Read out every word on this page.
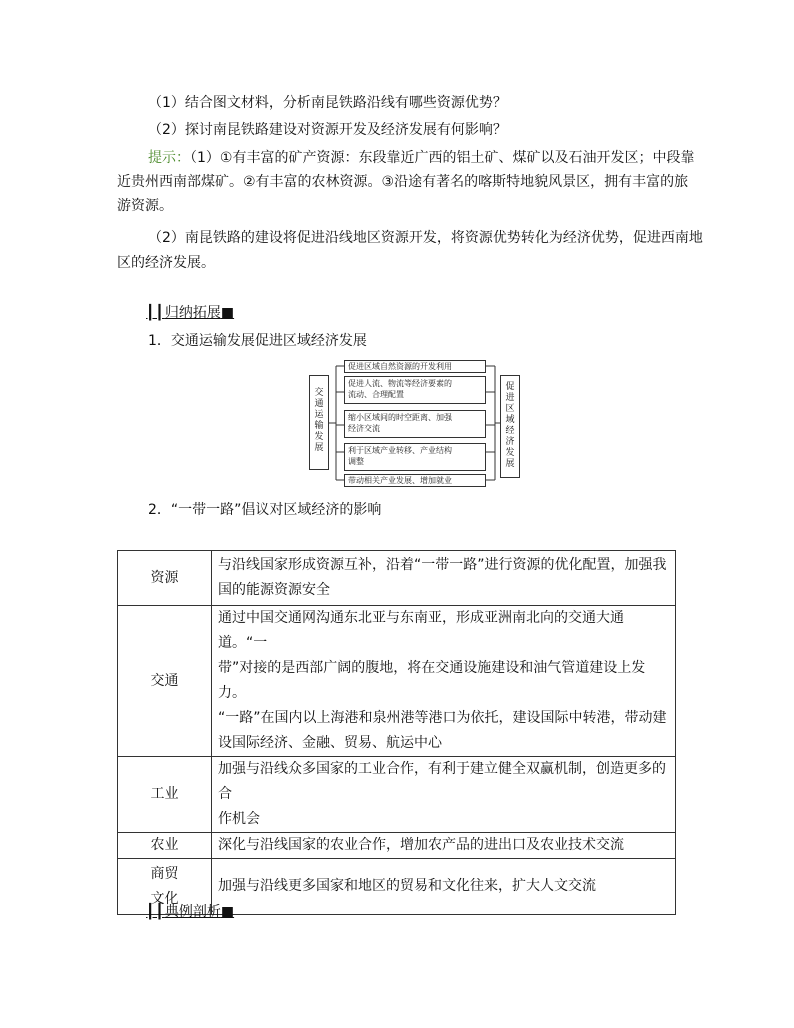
（1）结合图文材料，分析南昆铁路沿线有哪些资源优势？
（2）探讨南昆铁路建设对资源开发及经济发展有何影响？
提示：（1）①有丰富的矿产资源：东段靠近广西的铝土矿、煤矿以及石油开发区；中段靠
近贵州西南部煤矿。②有丰富的农林资源。③沿途有著名的喀斯特地貌风景区，拥有丰富的旅
游资源。
（2）南昆铁路的建设将促进沿线地区资源开发，将资源优势转化为经济优势，促进西南地
区的经济发展。
┃┃归纳拓展■
1．交通运输发展促进区域经济发展
交
通
运
输
发
展
促
进
区
域
经
济
发
展
促进区域自然资源的开发利用
促进人流、物流等经济要素的
流动、合理配置
缩小区域间的时空距离、加强
经济交流
利于区域产业转移、产业结构
调整
带动相关产业发展、增加就业
2．“一带一路”倡议对区域经济的影响
资源	与沿线国家形成资源互补，沿着“一带一路”进行资源的优化配置，加强我
国的能源资源安全

交通	通过中国交通网沟通东北亚与东南亚，形成亚洲南北向的交通大通道。“一
带”对接的是西部广阔的腹地，将在交通设施建设和油气管道建设上发力。
“一路”在国内以上海港和泉州港等港口为依托，建设国际中转港，带动建
设国际经济、金融、贸易、航运中心

工业	加强与沿线众多国家的工业合作，有利于建立健全双赢机制，创造更多的合
作机会

农业	深化与沿线国家的农业合作，增加农产品的进出口及农业技术交流

商贸
文化	加强与沿线更多国家和地区的贸易和文化往来，扩大人文交流
┃┃典例剖析■
